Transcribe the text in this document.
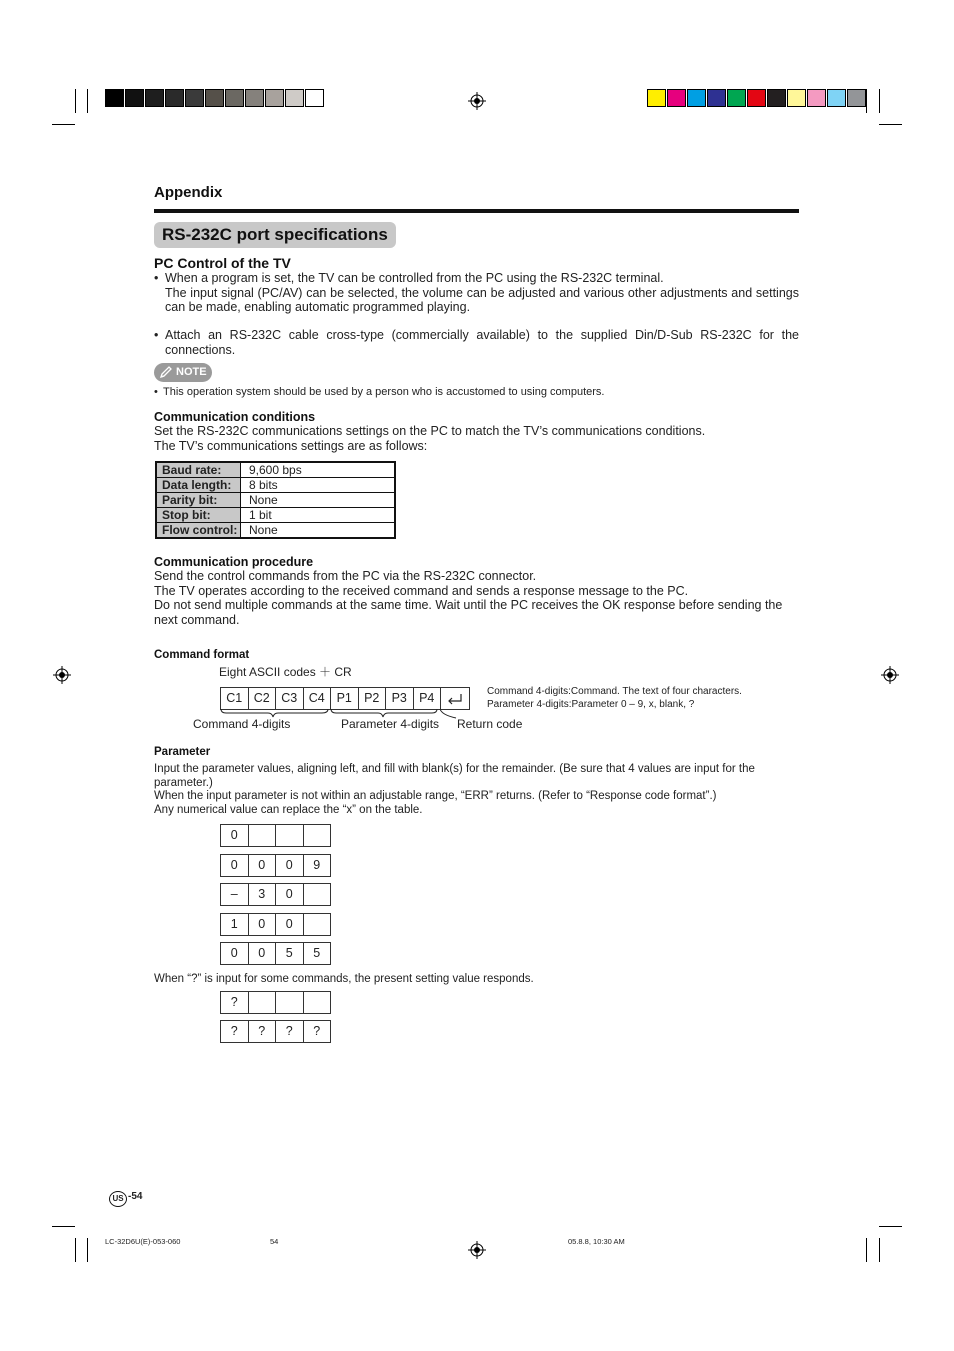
Appendix
RS-232C port specifications
PC Control of the TV
• When a program is set, the TV can be controlled from the PC using the RS-232C terminal.
The input signal (PC/AV) can be selected, the volume can be adjusted and various other adjustments and settings can be made, enabling automatic programmed playing.
• Attach an RS-232C cable cross-type (commercially available) to the supplied Din/D-Sub RS-232C for the connections.
NOTE
• This operation system should be used by a person who is accustomed to using computers.
Communication conditions

Set the RS-232C communications settings on the PC to match the TV’s communications conditions.

The TV’s communications settings are as follows:

Baud rate:	9,600 bps
Data length:	8 bits
Parity bit:	None
Stop bit:	1 bit
Flow control:	None
Communication procedure

Send the control commands from the PC via the RS-232C connector.

The TV operates according to the received command and sends a response message to the PC.

Do not send multiple commands at the same time. Wait until the PC receives the OK response before sending the next command.

Command format
Eight ASCII codes ＋ CR
C1 C2 C3 C4 P1 P2 P3 P4
Command 4-digits	Parameter 4-digits Return code
Command 4-digits:Command. The text of four characters.
Parameter 4-digits:Parameter 0 – 9, x, blank, ?
Parameter

Input the parameter values, aligning left, and fill with blank(s) for the remainder. (Be sure that 4 values are input for the parameter.)

When the input parameter is not within an adjustable range, “ERR” returns. (Refer to “Response code format”.)

Any numerical value can replace the “x” on the table.

0
0	0	0	9
–	3	0
1	0	0
0	0	5	5
When “?” is input for some commands, the present setting value responds.
?
?	?	?	?
US -54
LC-32D6U(E)-053-060	54	05.8.8, 10:30 AM
